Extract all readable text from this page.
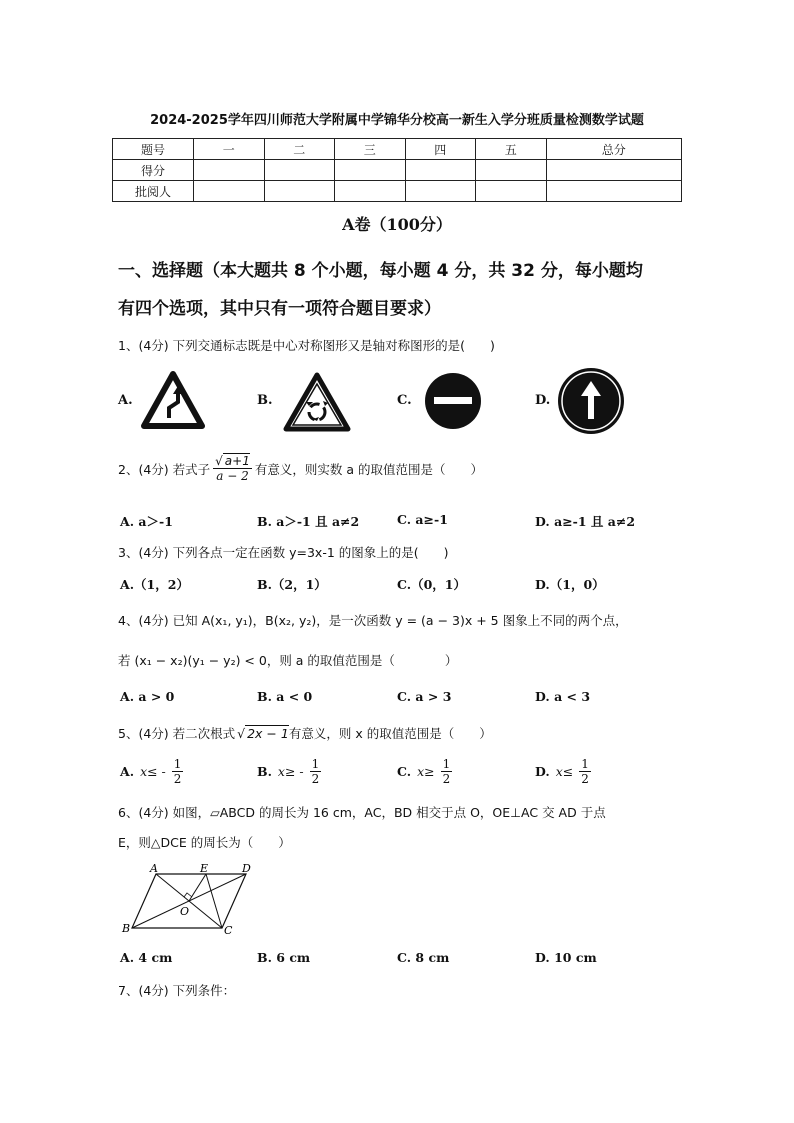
2024-2025学年四川师范大学附属中学锦华分校高一新生入学分班质量检测数学试题
题号	一	二	三	四	五	总分
得分						
批阅人						
A卷（100分）
一、选择题（本大题共 8 个小题，每小题 4 分，共 32 分，每小题均
有四个选项，其中只有一项符合题目要求）
1、(4分) 下列交通标志既是中心对称图形又是轴对称图形的是(　　)
A.	B.	C.	D.
2、(4分) 若式子 $\frac{√ a+1}{a - 2}$ 有意义，则实数 a 的取值范围是（　　）
A. a＞-1	B. a＞-1 且 a≠2	C. a≥-1	D. a≥-1 且 a≠2
3、(4分) 下列各点一定在函数 y=3x-1 的图象上的是(　　)
A.（1，2）	B.（2，1）	C.（0，1）	D.（1，0）
4、(4分) 已知 A(x₁, y₁)，B(x₂, y₂)，是一次函数 y = (a − 3)x + 5 图象上不同的两个点，
若 (x₁ − x₂)(y₁ − y₂) < 0，则 a 的取值范围是（　　　　）
A. a > 0	B. a < 0	C. a > 3	D. a < 3
5、(4分) 若二次根式 √ 2x − 1 有意义，则 x 的取值范围是（　　）
A. $x\le - \frac{1}{2}$	B. $x\ge - \frac{1}{2}$	C. $x\ge \frac{1}{2}$	D. $x\le \frac{1}{2}$
6、(4分) 如图，▱ABCD 的周长为 16 cm，AC，BD 相交于点 O，OE⊥AC 交 AD 于点
E，则△DCE 的周长为（　　）
A	E	D
O
B	C
A. 4 cm	B. 6 cm	C. 8 cm	D. 10 cm
7、(4分) 下列条件：
